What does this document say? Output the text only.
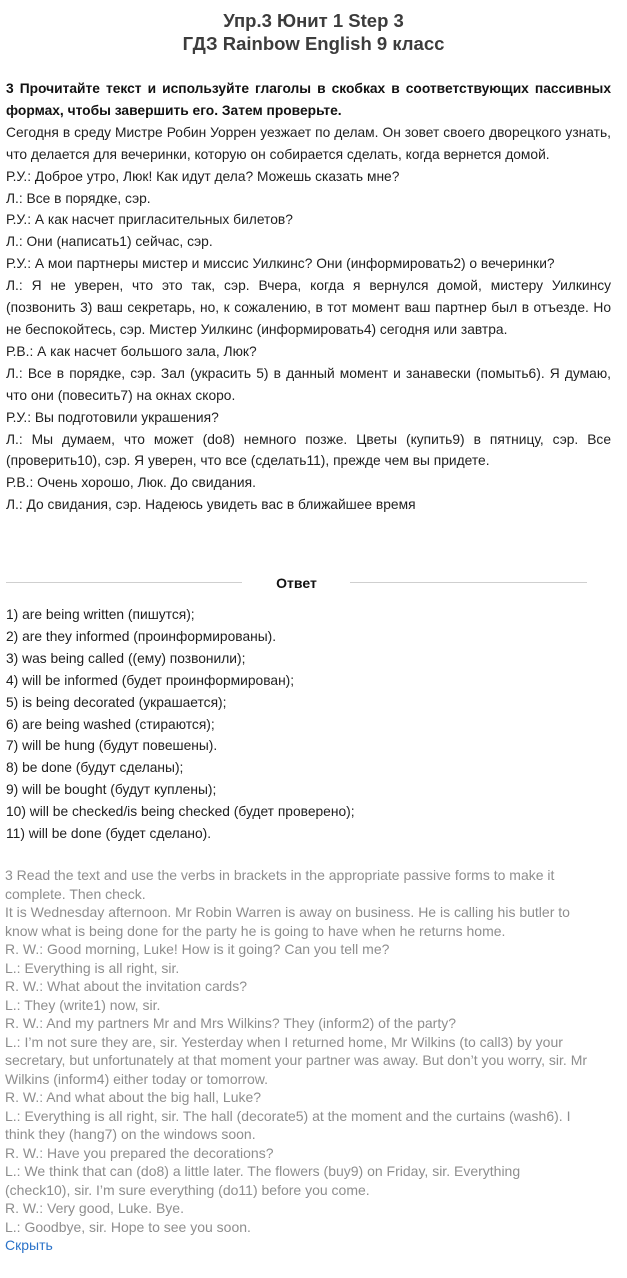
Упр.3 Юнит 1 Step 3
ГДЗ Rainbow English 9 класс

3 Прочитайте текст и используйте глаголы в скобках в соответствующих пассивных формах, чтобы завершить его. Затем проверьте.

Сегодня в среду Мистре Робин Уоррен уезжает по делам. Он зовет своего дворецкого узнать, что делается для вечеринки, которую он собирается сделать, когда вернется домой.

Р.У.: Доброе утро, Люк! Как идут дела? Можешь сказать мне?

Л.: Все в порядке, сэр.

Р.У.: А как насчет пригласительных билетов?

Л.: Они (написать1) сейчас, сэр.

Р.У.: А мои партнеры мистер и миссис Уилкинс? Они (информировать2) о вечеринки?

Л.: Я не уверен, что это так, сэр. Вчера, когда я вернулся домой, мистеру Уилкинсу (позвонить 3) ваш секретарь, но, к сожалению, в тот момент ваш партнер был в отъезде. Но не беспокойтесь, сэр. Мистер Уилкинс (информировать4) сегодня или завтра.

Р.В.: А как насчет большого зала, Люк?

Л.: Все в порядке, сэр. Зал (украсить 5) в данный момент и занавески (помыть6). Я думаю, что они (повесить7) на окнах скоро.

Р.У.: Вы подготовили украшения?

Л.: Мы думаем, что может (do8) немного позже. Цветы (купить9) в пятницу, сэр. Все (проверить10), сэр. Я уверен, что все (сделать11), прежде чем вы придете.

Р.В.: Очень хорошо, Люк. До свидания.

Л.: До свидания, сэр. Надеюсь увидеть вас в ближайшее время

Ответ
1) are being written (пишутся);
2) are they informed (проинформированы).
3) was being called ((ему) позвонили);
4) will be informed (будет проинформирован);
5) is being decorated (украшается);
6) are being washed (стираются);
7) will be hung (будут повешены).
8) be done (будут сделаны);
9) will be bought (будут куплены);
10) will be checked/is being checked (будет проверено);
11) will be done (будет сделано).

3 Read the text and use the verbs in brackets in the appropriate passive forms to make it complete. Then check.

It is Wednesday afternoon. Mr Robin Warren is away on business. He is calling his butler to know what is being done for the party he is going to have when he returns home.

R. W.: Good morning, Luke! How is it going? Can you tell me?

L.: Everything is all right, sir.

R. W.: What about the invitation cards?

L.: They (write1) now, sir.

R. W.: And my partners Mr and Mrs Wilkins? They (inform2) of the party?

L.: I’m not sure they are, sir. Yesterday when I returned home, Mr Wilkins (to call3) by your secretary, but unfortunately at that moment your partner was away. But don’t you worry, sir. Mr Wilkins (inform4) either today or tomorrow.

R. W.: And what about the big hall, Luke?

L.: Everything is all right, sir. The hall (decorate5) at the moment and the curtains (wash6). I think they (hang7) on the windows soon.

R. W.: Have you prepared the decorations?

L.: We think that can (do8) a little later. The flowers (buy9) on Friday, sir. Everything (check10), sir. I’m sure everything (do11) before you come.

R. W.: Very good, Luke. Bye.

L.: Goodbye, sir. Hope to see you soon.

Скрыть
